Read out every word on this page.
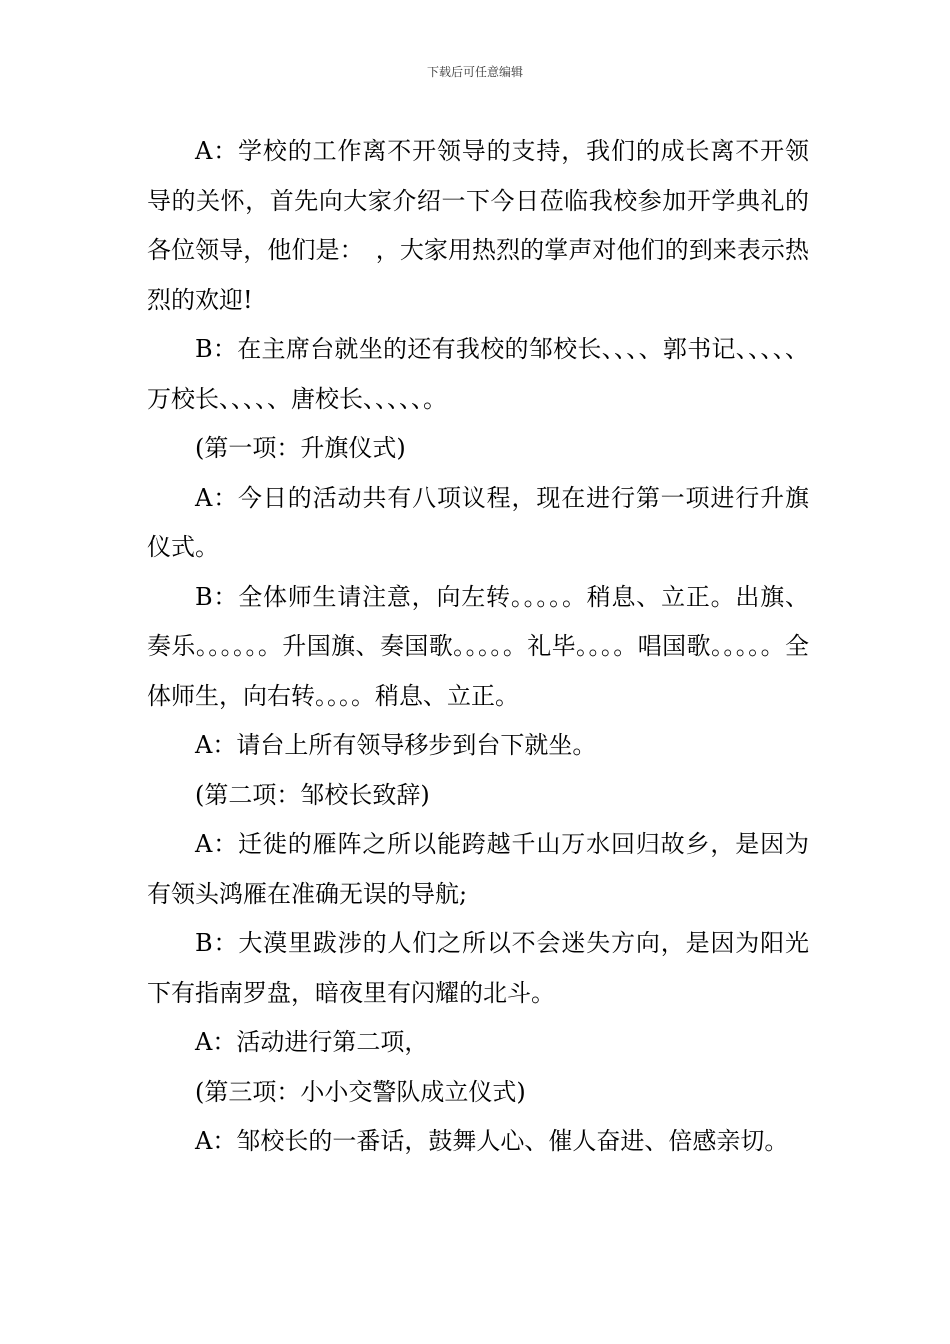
下载后可任意编辑

A：学校的工作离不开领导的支持，我们的成长离不开领导的关怀，首先向大家介绍一下今日莅临我校参加开学典礼的各位领导，他们是：　，大家用热烈的掌声对他们的到来表示热烈的欢迎!

B：在主席台就坐的还有我校的邹校长、、、、郭书记、、、、、万校长、、、、、唐校长、、、、、。

(第一项：升旗仪式)

A：今日的活动共有八项议程，现在进行第一项进行升旗仪式。

B：全体师生请注意，向左转。。。。。稍息、立正。出旗、奏乐。。。。。。升国旗、奏国歌。。。。。礼毕。。。。唱国歌。。。。。全体师生，向右转。。。。稍息、立正。

A：请台上所有领导移步到台下就坐。

(第二项：邹校长致辞)

A：迁徙的雁阵之所以能跨越千山万水回归故乡，是因为有领头鸿雁在准确无误的导航;

B：大漠里跋涉的人们之所以不会迷失方向，是因为阳光下有指南罗盘，暗夜里有闪耀的北斗。

A：活动进行第二项，

(第三项：小小交警队成立仪式)

A：邹校长的一番话，鼓舞人心、催人奋进、倍感亲切。
